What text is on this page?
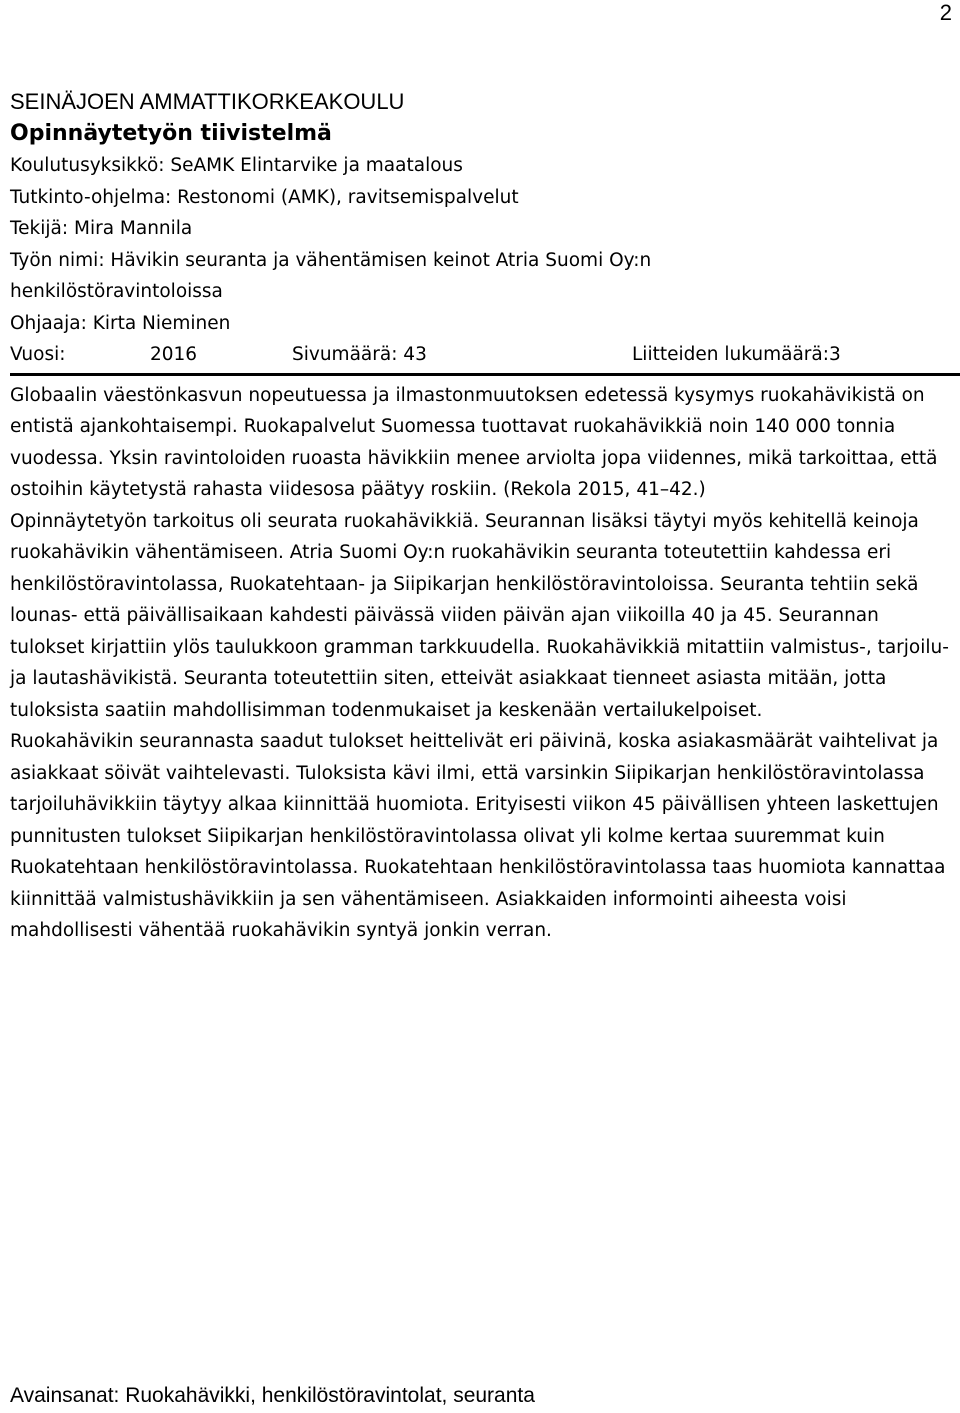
2
SEINÄJOEN AMMATTIKORKEAKOULU
Opinnäytetyön tiivistelmä
Koulutusyksikkö: SeAMK Elintarvike ja maatalous
Tutkinto-ohjelma: Restonomi (AMK), ravitsemispalvelut
Tekijä: Mira Mannila
Työn nimi: Hävikin seuranta ja vähentämisen keinot Atria Suomi Oy:n
henkilöstöravintoloissa
Ohjaaja: Kirta Nieminen
Vuosi:	2016	Sivumäärä: 43	Liitteiden lukumäärä:3
Globaalin väestönkasvun nopeutuessa ja ilmastonmuutoksen edetessä kysymys ruokahävikistä on entistä ajankohtaisempi. Ruokapalvelut Suomessa tuottavat ruokahävikkiä noin 140 000 tonnia vuodessa. Yksin ravintoloiden ruoasta hävikkiin menee arviolta jopa viidennes, mikä tarkoittaa, että ostoihin käytetystä rahasta viidesosa päätyy roskiin. (Rekola 2015, 41–42.)
Opinnäytetyön tarkoitus oli seurata ruokahävikkiä. Seurannan lisäksi täytyi myös kehitellä keinoja ruokahävikin vähentämiseen. Atria Suomi Oy:n ruokahävikin seuranta toteutettiin kahdessa eri henkilöstöravintolassa, Ruokatehtaan- ja Siipikarjan henkilöstöravintoloissa. Seuranta tehtiin sekä lounas- että päivällisaikaan kahdesti päivässä viiden päivän ajan viikoilla 40 ja 45. Seurannan tulokset kirjattiin ylös taulukkoon gramman tarkkuudella. Ruokahävikkiä mitattiin valmistus-, tarjoilu- ja lautashävikistä. Seuranta toteutettiin siten, etteivät asiakkaat tienneet asiasta mitään, jotta tuloksista saatiin mahdollisimman todenmukaiset ja keskenään vertailukelpoiset.
Ruokahävikin seurannasta saadut tulokset heittelivät eri päivinä, koska asiakasmäärät vaihtelivat ja asiakkaat söivät vaihtelevasti. Tuloksista kävi ilmi, että varsinkin Siipikarjan henkilöstöravintolassa tarjoiluhävikkiin täytyy alkaa kiinnittää huomiota. Erityisesti viikon 45 päivällisen yhteen laskettujen punnitusten tulokset Siipikarjan henkilöstöravintolassa olivat yli kolme kertaa suuremmat kuin Ruokatehtaan henkilöstöravintolassa. Ruokatehtaan henkilöstöravintolassa taas huomiota kannattaa kiinnittää valmistushävikkiin ja sen vähentämiseen. Asiakkaiden informointi aiheesta voisi mahdollisesti vähentää ruokahävikin syntyä jonkin verran.
Avainsanat: Ruokahävikki, henkilöstöravintolat, seuranta
